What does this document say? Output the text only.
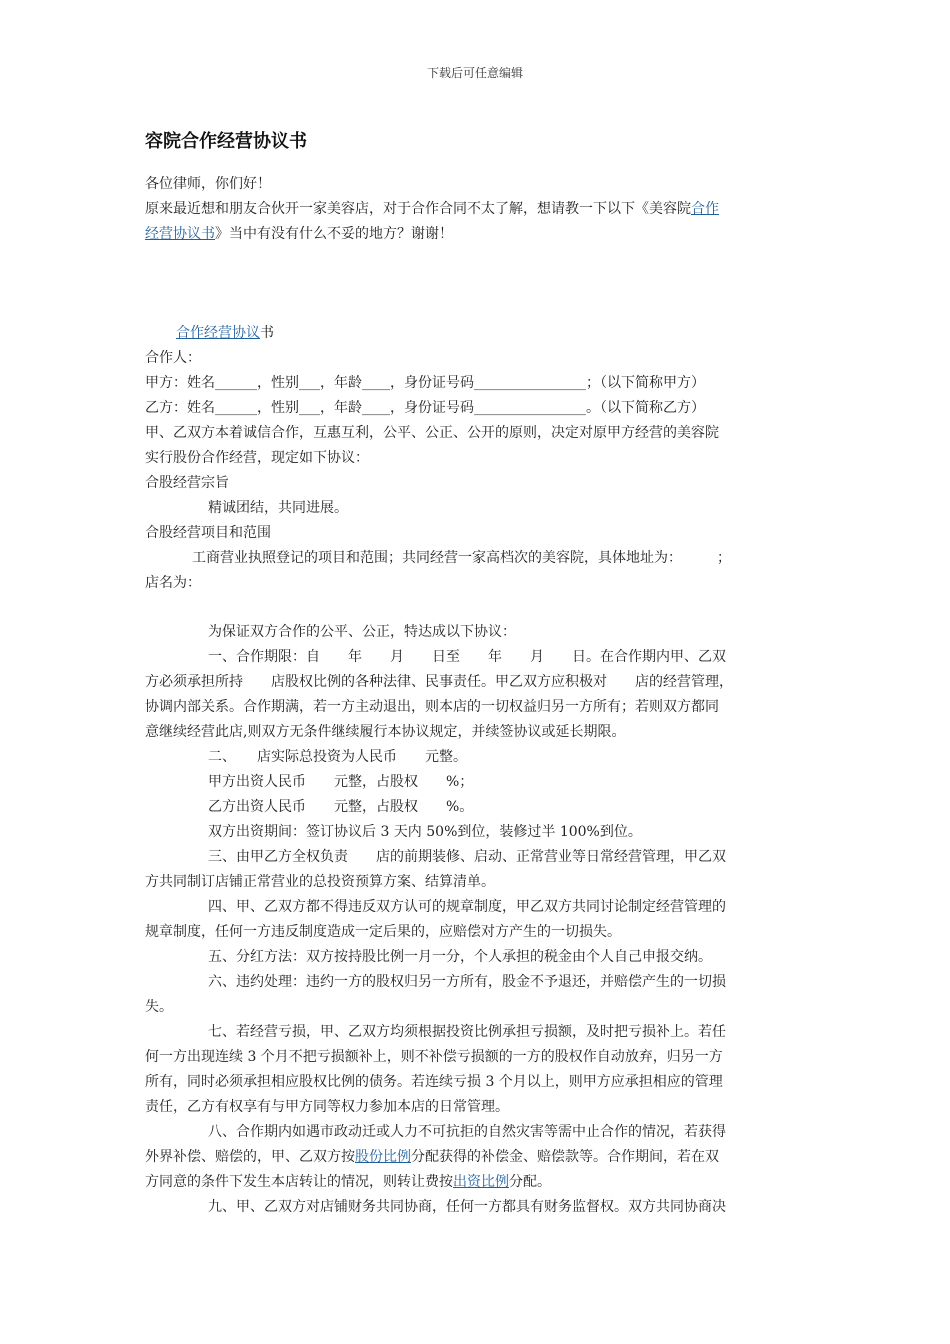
下载后可任意编辑
容院合作经营协议书
各位律师，你们好！
原来最近想和朋友合伙开一家美容店，对于合作合同不太了解，想请教一下以下《美容院合作
经营协议书》当中有没有什么不妥的地方？谢谢！
合作经营协议书
合作人：
甲方：姓名______，性别___，年龄____，身份证号码________________；（以下简称甲方）
乙方：姓名______，性别___，年龄____，身份证号码________________。（以下简称乙方）
甲、乙双方本着诚信合作，互惠互利，公平、公正、公开的原则，决定对原甲方经营的美容院
实行股份合作经营，现定如下协议：
合股经营宗旨
精诚团结，共同进展。
合股经营项目和范围
工商营业执照登记的项目和范围；共同经营一家高档次的美容院，具体地址为：　　　；
店名为：
为保证双方合作的公平、公正，特达成以下协议：
一、合作期限：自　　年　　月　　日至　　年　　月　　日。在合作期内甲、乙双
方必须承担所持　　店股权比例的各种法律、民事责任。甲乙双方应积极对　　店的经营管理，
协调内部关系。合作期满，若一方主动退出，则本店的一切权益归另一方所有；若则双方都同
意继续经营此店,则双方无条件继续履行本协议规定，并续签协议或延长期限。
二、　　店实际总投资为人民币　　元整。
甲方出资人民币　　元整，占股权　　%；
乙方出资人民币　　元整，占股权　　%。
双方出资期间：签订协议后 3 天内 50%到位，装修过半 100%到位。
三、由甲乙方全权负责　　店的前期装修、启动、正常营业等日常经营管理，甲乙双
方共同制订店铺正常营业的总投资预算方案、结算清单。
四、甲、乙双方都不得违反双方认可的规章制度，甲乙双方共同讨论制定经营管理的
规章制度，任何一方违反制度造成一定后果的，应赔偿对方产生的一切损失。
五、分红方法：双方按持股比例一月一分，个人承担的税金由个人自己申报交纳。
六、违约处理：违约一方的股权归另一方所有，股金不予退还，并赔偿产生的一切损
失。
七、若经营亏损，甲、乙双方均须根据投资比例承担亏损额，及时把亏损补上。若任
何一方出现连续 3 个月不把亏损额补上，则不补偿亏损额的一方的股权作自动放弃，归另一方
所有，同时必须承担相应股权比例的债务。若连续亏损 3 个月以上，则甲方应承担相应的管理
责任，乙方有权享有与甲方同等权力参加本店的日常管理。
八、合作期内如遇市政动迁或人力不可抗拒的自然灾害等需中止合作的情况，若获得
外界补偿、赔偿的，甲、乙双方按股份比例分配获得的补偿金、赔偿款等。合作期间，若在双
方同意的条件下发生本店转让的情况，则转让费按出资比例分配。
九、甲、乙双方对店铺财务共同协商，任何一方都具有财务监督权。双方共同协商决
